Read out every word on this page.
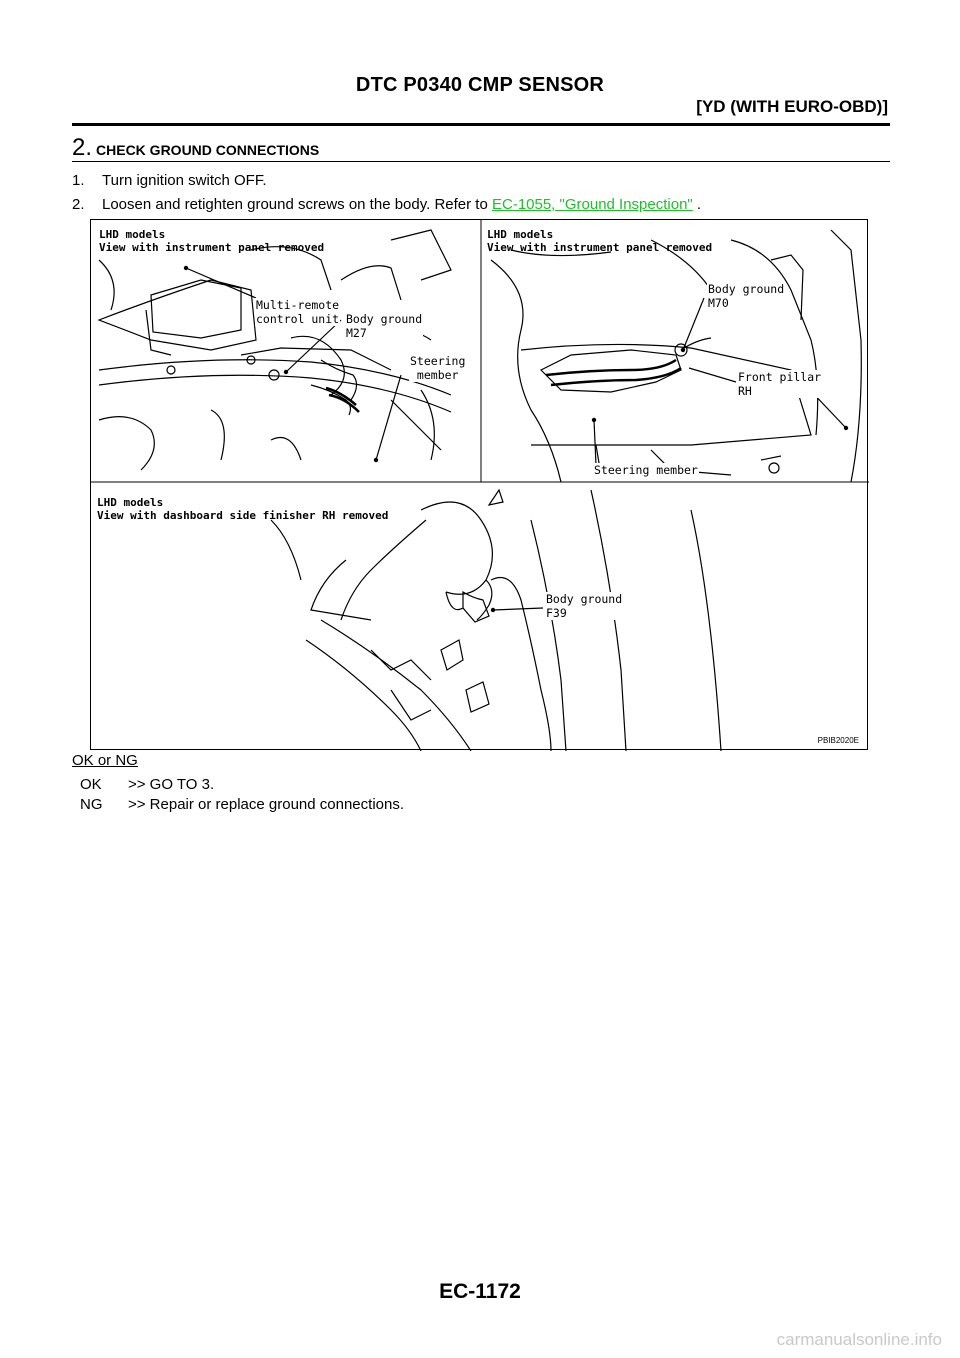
DTC P0340 CMP SENSOR
[YD (WITH EURO-OBD)]
2. CHECK GROUND CONNECTIONS
1. Turn ignition switch OFF.
2. Loosen and retighten ground screws on the body. Refer to EC-1055, "Ground Inspection" .
LHD models
View with instrument panel removed
LHD models
View with instrument panel removed
LHD models
View with dashboard side finisher RH removed
Multi-remote
control unit Body ground
M27
Steering
member
Body ground
M70
Front pillar
RH
Steering member
Body ground
F39
PBIB2020E
OK or NG
OK	>> GO TO 3.
NG	>> Repair or replace ground connections.
EC-1172
carmanualsonline.info
